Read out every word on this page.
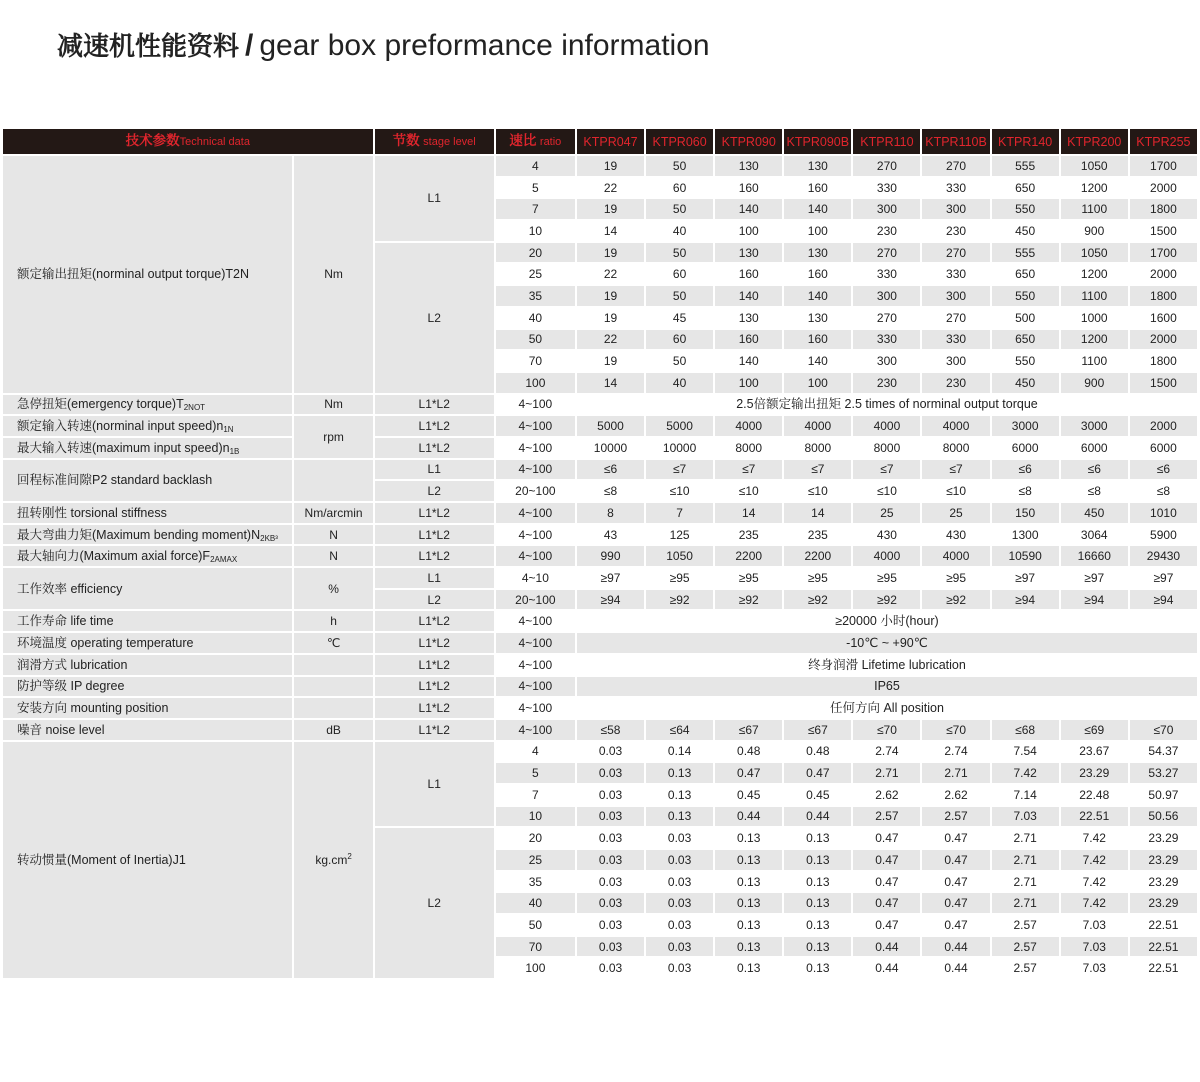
减速机性能资料 / gear box preformance information
技术参数Technical data		节数 stage level	速比 ratio	KTPR047	KTPR060	KTPR090	KTPR090B	KTPR110	KTPR110B	KTPR140	KTPR200	KTPR255
额定输出扭矩(norminal output torque)T2N	Nm	L1	4	19	50	130	130	270	270	555	1050	1700
			5	22	60	160	160	330	330	650	1200	2000
			7	19	50	140	140	300	300	550	1100	1800
			10	14	40	100	100	230	230	450	900	1500
		L2	20	19	50	130	130	270	270	555	1050	1700
			25	22	60	160	160	330	330	650	1200	2000
			35	19	50	140	140	300	300	550	1100	1800
			40	19	45	130	130	270	270	500	1000	1600
			50	22	60	160	160	330	330	650	1200	2000
			70	19	50	140	140	300	300	550	1100	1800
			100	14	40	100	100	230	230	450	900	1500
急停扭矩(emergency $torque)T_{2NOT}$	Nm	L1*L2	4~100	2.5倍额定输出扭矩 2.5 times of norminal output torque								
额定输入转速(norminal input $speed)n_{1N}$	rpm	L1*L2	4~100	5000	5000	4000	4000	4000	4000	3000	3000	2000
最大输入转速(maximum input $speed)n_{1B}$		L1*L2	4~100	10000	10000	8000	8000	8000	8000	6000	6000	6000
回程标准间隙P2 standard backlash		L1	4~100	≤6	≤7	≤7	≤7	≤7	≤7	≤6	≤6	≤6
		L2	20~100	≤8	≤10	≤10	≤10	≤10	≤10	≤8	≤8	≤8
扭转刚性 torsional stiffness	Nm/arcmin	L1*L2	4~100	8	7	14	14	25	25	150	450	1010
最大弯曲力矩(Maximum bending $moment)N_{2KB^3}$	N	L1*L2	4~100	43	125	235	235	430	430	1300	3064	5900
最大轴向力(Maximum axial $force)F_{2AMAX}$	N	L1*L2	4~100	990	1050	2200	2200	4000	4000	10590	16660	29430
工作效率 efficiency	%	L1	4~10	≥97	≥95	≥95	≥95	≥95	≥95	≥97	≥97	≥97
		L2	20~100	≥94	≥92	≥92	≥92	≥92	≥92	≥94	≥94	≥94
工作寿命 life time	h	L1*L2	4~100	≥20000 小时(hour)								
环境温度 operating temperature	℃	L1*L2	4~100	-10℃ ~ +90℃								
润滑方式 lubrication		L1*L2	4~100	终身润滑 Lifetime lubrication								
防护等级 IP degree		L1*L2	4~100	IP65								
安装方向 mounting position		L1*L2	4~100	任何方向 All position								
噪音 noise level	dB	L1*L2	4~100	≤58	≤64	≤67	≤67	≤70	≤70	≤68	≤69	≤70
转动惯量(Moment of Inertia)J1	$kg.cm^2$	L1	4	0.03	0.14	0.48	0.48	2.74	2.74	7.54	23.67	54.37
			5	0.03	0.13	0.47	0.47	2.71	2.71	7.42	23.29	53.27
			7	0.03	0.13	0.45	0.45	2.62	2.62	7.14	22.48	50.97
			10	0.03	0.13	0.44	0.44	2.57	2.57	7.03	22.51	50.56
		L2	20	0.03	0.03	0.13	0.13	0.47	0.47	2.71	7.42	23.29
			25	0.03	0.03	0.13	0.13	0.47	0.47	2.71	7.42	23.29
			35	0.03	0.03	0.13	0.13	0.47	0.47	2.71	7.42	23.29
			40	0.03	0.03	0.13	0.13	0.47	0.47	2.71	7.42	23.29
			50	0.03	0.03	0.13	0.13	0.47	0.47	2.57	7.03	22.51
			70	0.03	0.03	0.13	0.13	0.44	0.44	2.57	7.03	22.51
			100	0.03	0.03	0.13	0.13	0.44	0.44	2.57	7.03	22.51
